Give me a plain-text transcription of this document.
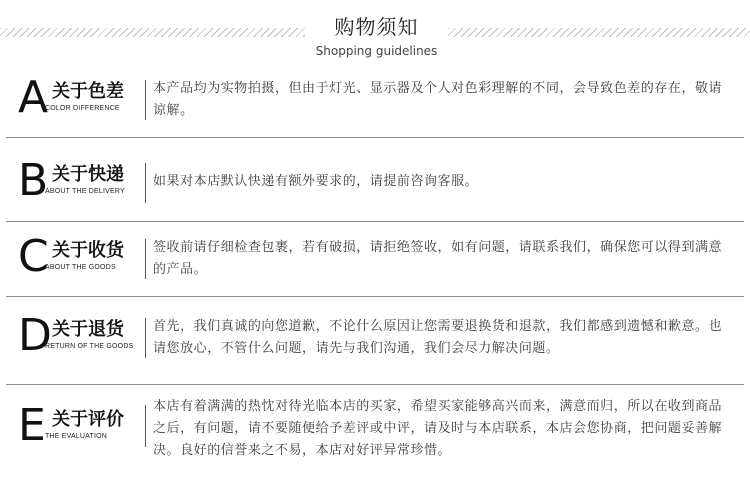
购物须知
Shopping guidelines
A 关于色差
COLOR DIFFERENCE

本产品均为实物拍摄，但由于灯光、显示器及个人对色彩理解的不同，会导致色差的存在，敬请谅解。

B 关于快递
ABOUT THE DELIVERY

如果对本店默认快递有额外要求的，请提前咨询客服。

C 关于收货
ABOUT THE GOODS

签收前请仔细检查包裹，若有破损，请拒绝签收，如有问题，请联系我们，确保您可以得到满意的产品。

D 关于退货
RETURN OF THE GOODS

首先，我们真诚的向您道歉，不论什么原因让您需要退换货和退款，我们都感到遗憾和歉意。也请您放心，不管什么问题，请先与我们沟通，我们会尽力解决问题。

E 关于评价
THE EVALUATION

本店有着满满的热忱对待光临本店的买家，希望买家能够高兴而来，满意而归，所以在收到商品之后，有问题，请不要随便给予差评或中评，请及时与本店联系，本店会您协商，把问题妥善解决。良好的信誉来之不易，本店对好评异常珍惜。
